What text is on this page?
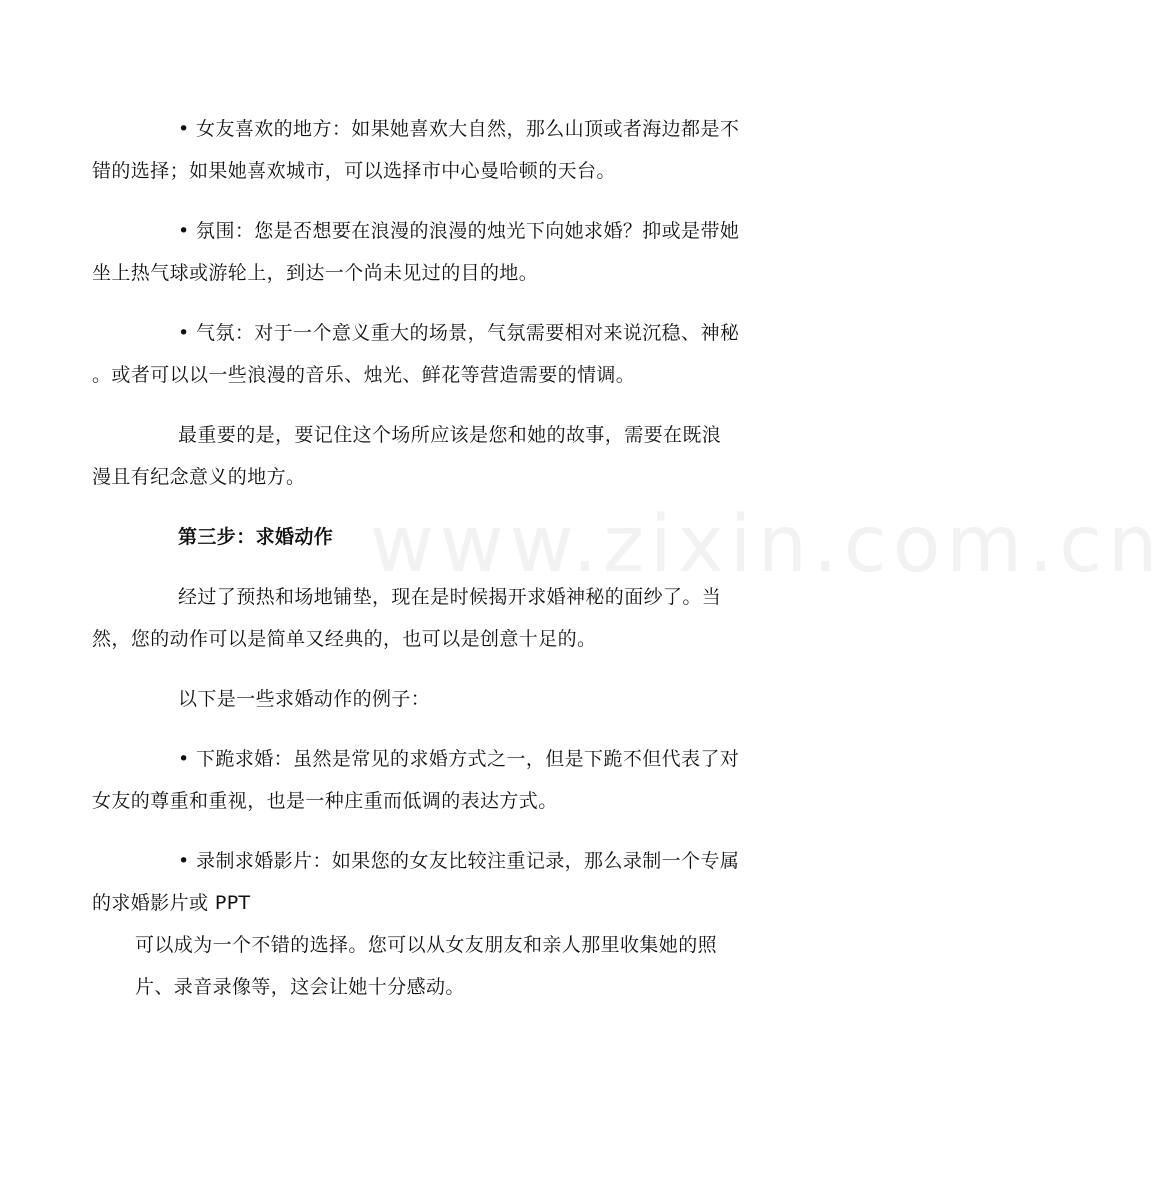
www.zixin.com.cn

• 女友喜欢的地方：如果她喜欢大自然，那么山顶或者海边都是不
错的选择；如果她喜欢城市，可以选择市中心曼哈顿的天台。

• 氛围：您是否想要在浪漫的浪漫的烛光下向她求婚？抑或是带她
坐上热气球或游轮上，到达一个尚未见过的目的地。

• 气氛：对于一个意义重大的场景，气氛需要相对来说沉稳、神秘
。或者可以以一些浪漫的音乐、烛光、鲜花等营造需要的情调。

最重要的是，要记住这个场所应该是您和她的故事，需要在既浪
漫且有纪念意义的地方。

第三步：求婚动作

经过了预热和场地铺垫，现在是时候揭开求婚神秘的面纱了。当
然，您的动作可以是简单又经典的，也可以是创意十足的。

以下是一些求婚动作的例子：

• 下跪求婚：虽然是常见的求婚方式之一，但是下跪不但代表了对
女友的尊重和重视，也是一种庄重而低调的表达方式。

• 录制求婚影片：如果您的女友比较注重记录，那么录制一个专属
的求婚影片或 PPT

可以成为一个不错的选择。您可以从女友朋友和亲人那里收集她的照
片、录音录像等，这会让她十分感动。
